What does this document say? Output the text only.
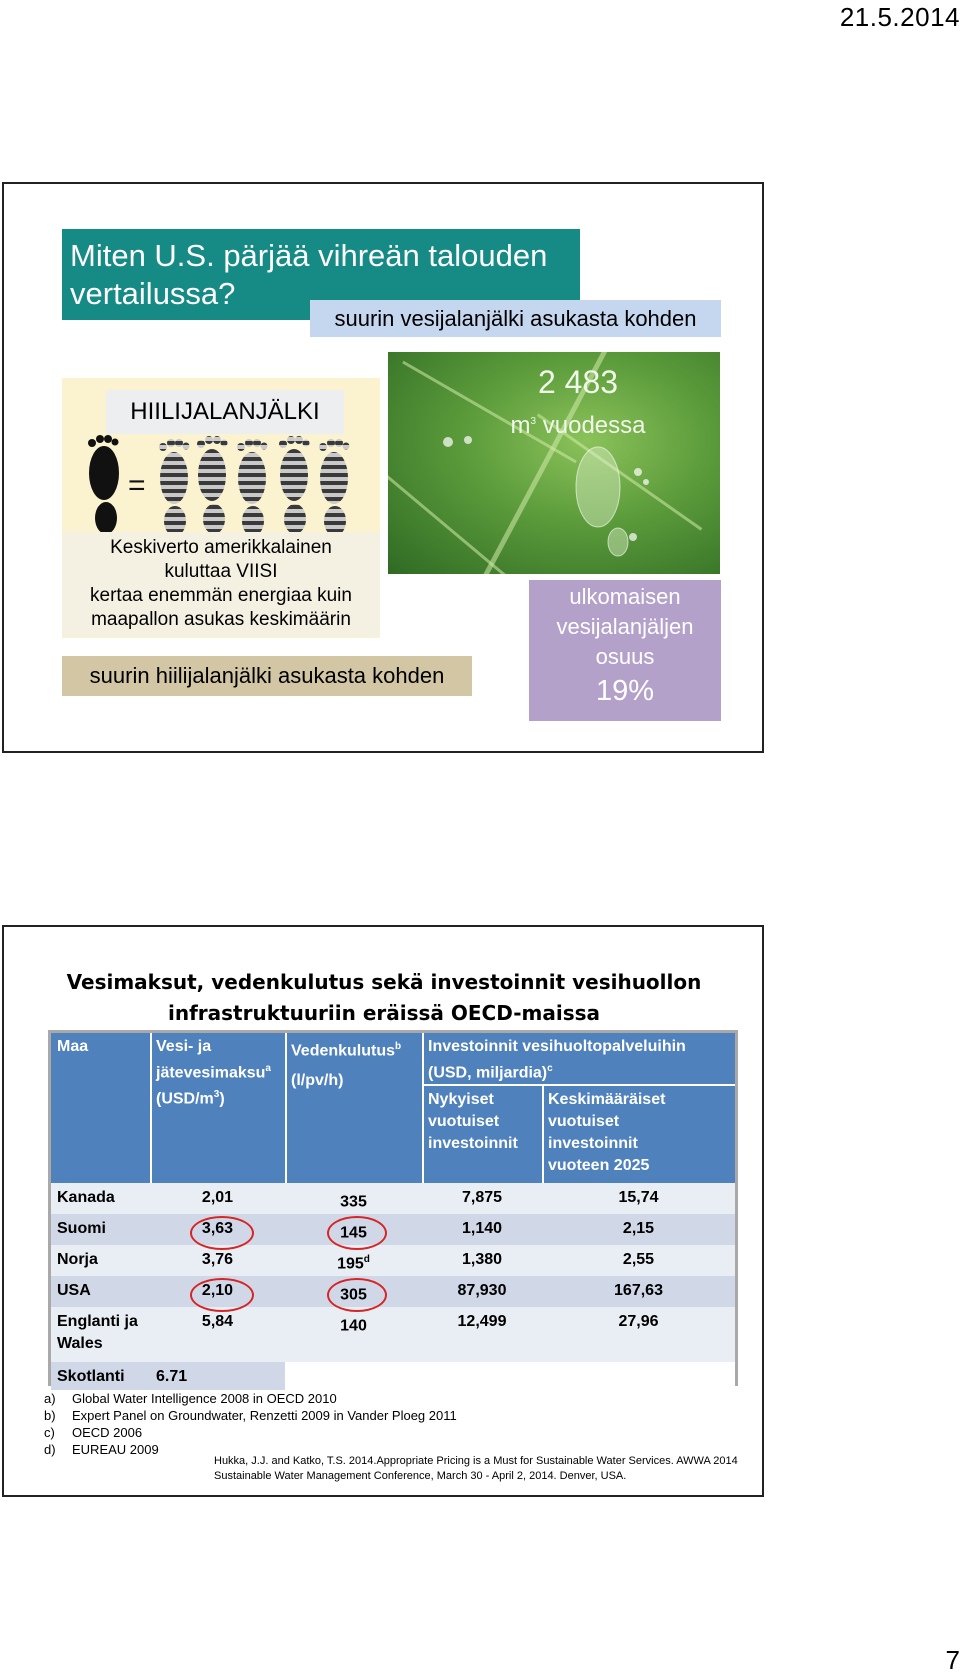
21.5.2014
HIILIJALANJÄLKI
=
Keskiverto amerikkalainen
kuluttaa VIISI
kertaa enemmän energiaa kuin
maapallon asukas keskimäärin
suurin hiilijalanjälki asukasta kohden
2 483
$m^3$ vuodessa
Miten U.S. pärjää vihreän talouden vertailussa?
suurin vesijalanjälki asukasta kohden
ulkomaisen
vesijalanjäljen
osuus
19%
Vesimaksut, vedenkulutus sekä investoinnit vesihuollon
infrastruktuuriin eräissä OECD-maissa
Maa	Vesi- ja
jätevesimaksu$^a$
$(USD/m^3)$
Vedenkulutus$^b$
(l/pv/h)
Investoinnit vesihuoltopalveluihin
(USD, miljardia)$^c$
Nykyiset
vuotuiset
investoinnit
Keskimääräiset
vuotuiset
investoinnit
vuoteen 2025
Kanada	2,01	335	7,875	15,74
Suomi	3,63	145	1,140	2,15
Norja	3,76	195$^d$	1,380	2,55
USA	2,10	305	87,930	167,63
Englanti ja
Wales
5,84	140	12,499	27,96
Skotlanti	6.71
a) Global Water Intelligence 2008 in OECD 2010
b) Expert Panel on Groundwater, Renzetti 2009 in Vander Ploeg 2011
c) OECD 2006
d) EUREAU 2009
Hukka, J.J. and Katko, T.S. 2014.Appropriate Pricing is a Must for Sustainable Water Services. AWWA 2014
Sustainable Water Management Conference, March 30 - April 2, 2014. Denver, USA.
7
